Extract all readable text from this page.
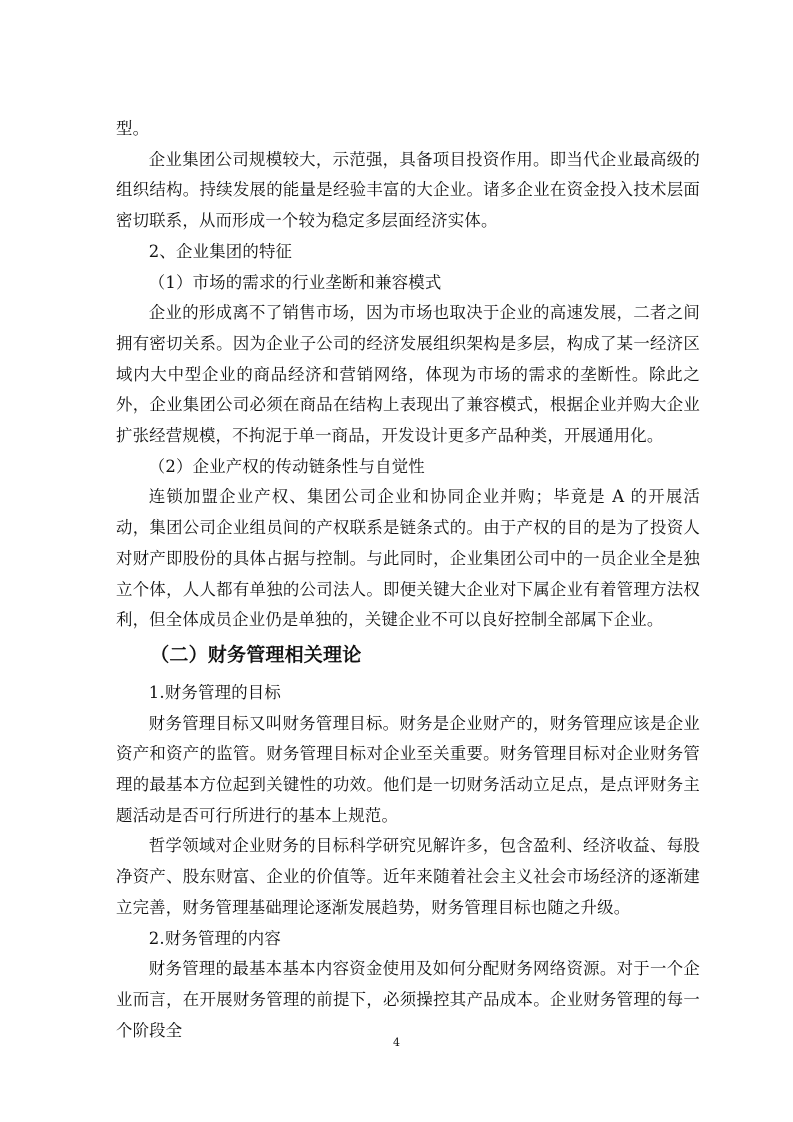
型。

企业集团公司规模较大，示范强，具备项目投资作用。即当代企业最高级的组织结构。持续发展的能量是经验丰富的大企业。诸多企业在资金投入技术层面密切联系，从而形成一个较为稳定多层面经济实体。

2、企业集团的特征

（1）市场的需求的行业垄断和兼容模式

企业的形成离不了销售市场，因为市场也取决于企业的高速发展，二者之间拥有密切关系。因为企业子公司的经济发展组织架构是多层，构成了某一经济区域内大中型企业的商品经济和营销网络，体现为市场的需求的垄断性。除此之外，企业集团公司必须在商品在结构上表现出了兼容模式，根据企业并购大企业扩张经营规模，不拘泥于单一商品，开发设计更多产品种类，开展通用化。

（2）企业产权的传动链条性与自觉性

连锁加盟企业产权、集团公司企业和协同企业并购；毕竟是 A 的开展活动，集团公司企业组员间的产权联系是链条式的。由于产权的目的是为了投资人对财产即股份的具体占据与控制。与此同时，企业集团公司中的一员企业全是独立个体，人人都有单独的公司法人。即便关键大企业对下属企业有着管理方法权利，但全体成员企业仍是单独的，关键企业不可以良好控制全部属下企业。

（二）财务管理相关理论

1.财务管理的目标

财务管理目标又叫财务管理目标。财务是企业财产的，财务管理应该是企业资产和资产的监管。财务管理目标对企业至关重要。财务管理目标对企业财务管理的最基本方位起到关键性的功效。他们是一切财务活动立足点，是点评财务主题活动是否可行所进行的基本上规范。

哲学领域对企业财务的目标科学研究见解许多，包含盈利、经济收益、每股净资产、股东财富、企业的价值等。近年来随着社会主义社会市场经济的逐渐建立完善，财务管理基础理论逐渐发展趋势，财务管理目标也随之升级。

2.财务管理的内容

财务管理的最基本基本内容资金使用及如何分配财务网络资源。对于一个企业而言，在开展财务管理的前提下，必须操控其产品成本。企业财务管理的每一个阶段全

4
